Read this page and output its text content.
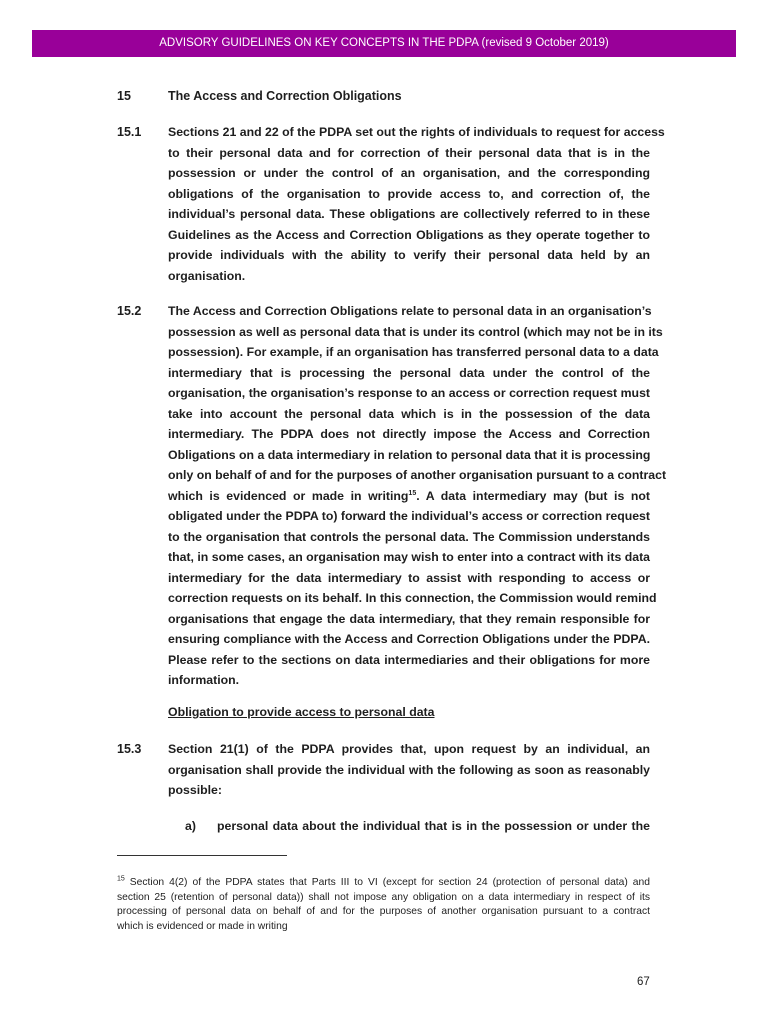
ADVISORY GUIDELINES ON KEY CONCEPTS IN THE PDPA (revised 9 October 2019)
15	The Access and Correction Obligations
15.1 Sections 21 and 22 of the PDPA set out the rights of individuals to request for access
to their personal data and for correction of their personal data that is in the
possession or under the control of an organisation, and the corresponding
obligations of the organisation to provide access to, and correction of, the
individual’s personal data. These obligations are collectively referred to in these
Guidelines as the Access and Correction Obligations as they operate together to
provide individuals with the ability to verify their personal data held by an
organisation.
15.2 The Access and Correction Obligations relate to personal data in an organisation’s
possession as well as personal data that is under its control (which may not be in its
possession). For example, if an organisation has transferred personal data to a data
intermediary that is processing the personal data under the control of the
organisation, the organisation’s response to an access or correction request must
take into account the personal data which is in the possession of the data
intermediary. The PDPA does not directly impose the Access and Correction
Obligations on a data intermediary in relation to personal data that it is processing
only on behalf of and for the purposes of another organisation pursuant to a contract
which is evidenced or made in writing$^{15}$. A data intermediary may (but is not
obligated under the PDPA to) forward the individual’s access or correction request
to the organisation that controls the personal data. The Commission understands
that, in some cases, an organisation may wish to enter into a contract with its data
intermediary for the data intermediary to assist with responding to access or
correction requests on its behalf. In this connection, the Commission would remind
organisations that engage the data intermediary, that they remain responsible for
ensuring compliance with the Access and Correction Obligations under the PDPA.
Please refer to the sections on data intermediaries and their obligations for more
information.
Obligation to provide access to personal data
15.3 Section 21(1) of the PDPA provides that, upon request by an individual, an
organisation shall provide the individual with the following as soon as reasonably
possible:
a) personal data about the individual that is in the possession or under the
$^{15}$ Section 4(2) of the PDPA states that Parts III to VI (except for section 24 (protection of personal data) and
section 25 (retention of personal data)) shall not impose any obligation on a data intermediary in respect of its
processing of personal data on behalf of and for the purposes of another organisation pursuant to a contract
which is evidenced or made in writing
67
